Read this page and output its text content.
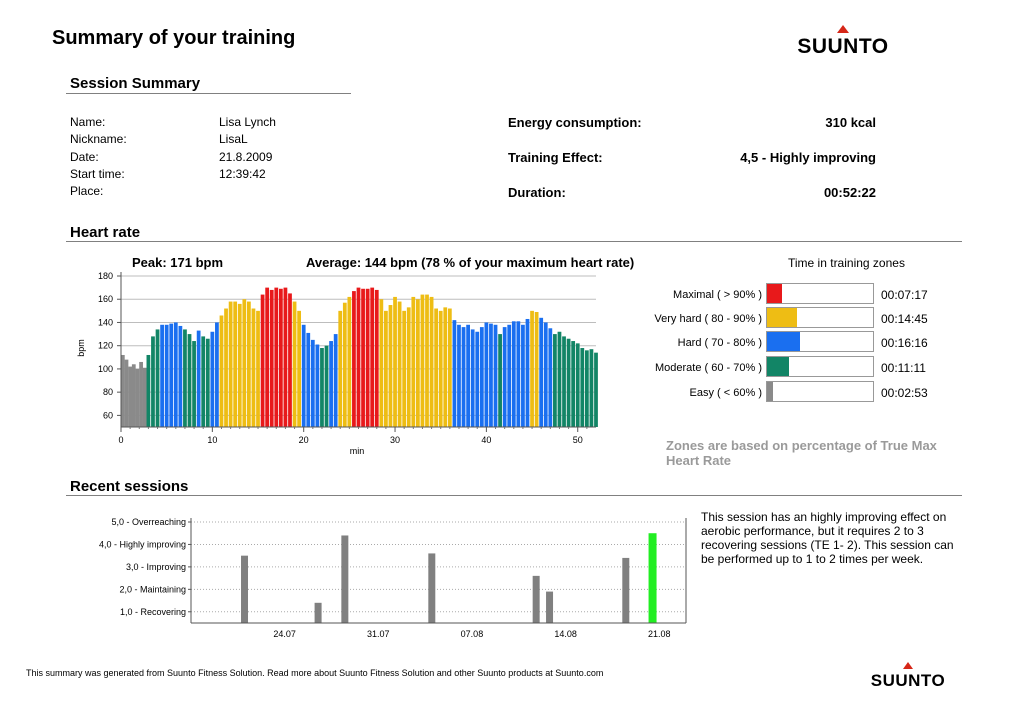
Summary of your training	SUUNTO
Session Summary
Name:	Lisa Lynch
Nickname:	LisaL
Date:	21.8.2009
Start time:	12:39:42
Place:
Energy consumption:	310 kcal
Training Effect:	4,5 - Highly improving
Duration:	00:52:22
Heart rate
Peak: 171 bpm	Average: 144 bpm (78 % of your maximum heart rate)
60
80
100
120
140
160
180
0	10	20	30	40	50
bpm
min
Time in training zones
Maximal ( > 90% )	00:07:17
Very hard ( 80 - 90% )	00:14:45
Hard ( 70 - 80% )	00:16:16
Moderate ( 60 - 70% )	00:11:11
Easy ( < 60% )	00:02:53
Zones are based on percentage of True Max Heart Rate
Recent sessions
1,0 - Recovering
2,0 - Maintaining
3,0 - Improving
4,0 - Highly improving
5,0 - Overreaching
24.07	31.07	07.08	14.08	21.08
This session has an highly improving effect on aerobic performance, but it requires 2 to 3 recovering sessions (TE 1- 2). This session can be performed up to 1 to 2 times per week.
This summary was generated from Suunto Fitness Solution. Read more about Suunto Fitness Solution and other Suunto products at Suunto.com	SUUNTO
